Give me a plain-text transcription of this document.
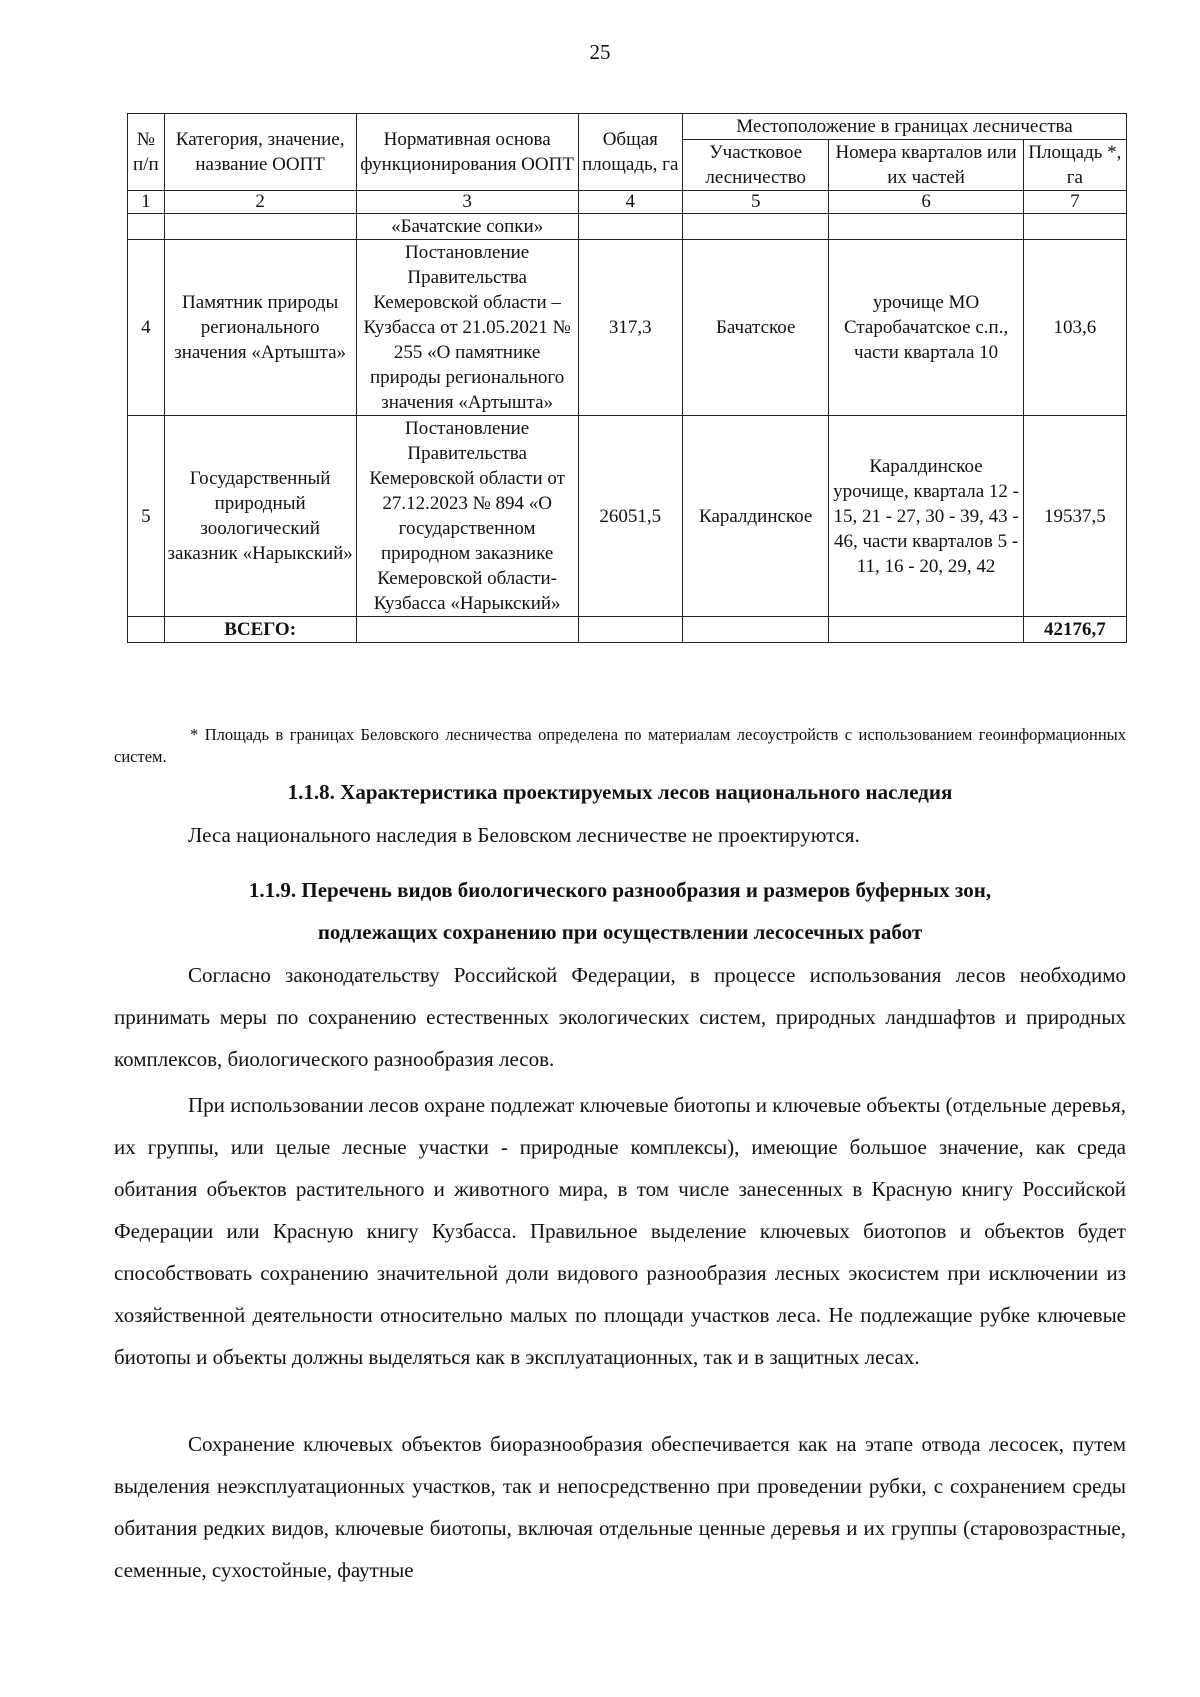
25
№ п/п	Категория, значение, название ООПТ	Нормативная основа функционирования ООПТ	Общая площадь, га	Местоположение в границах лесничества		
				Участковое лесничество	Номера кварталов или их частей	Площадь *, га
1	2	3	4	5	6	7
		«Бачатские сопки»				
4	Памятник природы регионального значения «Артышта»	Постановление Правительства Кемеровской области – Кузбасса от 21.05.2021 № 255 «О памятнике природы регионального значения «Артышта»	317,3	Бачатское	урочище МО Старобачатское с.п., части квартала 10	103,6
5	Государственный природный зоологический заказник «Нарыкский»	Постановление Правительства Кемеровской области от 27.12.2023 № 894 «О государственном природном заказнике Кемеровской области-Кузбасса «Нарыкский»	26051,5	Каралдинское	Каралдинское урочище, квартала 12 - 15, 21 - 27, 30 - 39, 43 - 46, части кварталов 5 - 11, 16 - 20, 29, 42	19537,5
	ВСЕГО:					42176,7
* Площадь в границах Беловского лесничества определена по материалам лесоустройств с использованием геоинформационных систем.
1.1.8. Характеристика проектируемых лесов национального наследия
Леса национального наследия в Беловском лесничестве не проектируются.
1.1.9. Перечень видов биологического разнообразия и размеров буферных зон,
подлежащих сохранению при осуществлении лесосечных работ
Согласно законодательству Российской Федерации, в процессе использования лесов необходимо принимать меры по сохранению естественных экологических систем, природных ландшафтов и природных комплексов, биологического разнообразия лесов.
При использовании лесов охране подлежат ключевые биотопы и ключевые объекты (отдельные деревья, их группы, или целые лесные участки - природные комплексы), имеющие большое значение, как среда обитания объектов растительного и животного мира, в том числе занесенных в Красную книгу Российской Федерации или Красную книгу Кузбасса. Правильное выделение ключевых биотопов и объектов будет способствовать сохранению значительной доли видового разнообразия лесных экосистем при исключении из хозяйственной деятельности относительно малых по площади участков леса. Не подлежащие рубке ключевые биотопы и объекты должны выделяться как в эксплуатационных, так и в защитных лесах.
Сохранение ключевых объектов биоразнообразия обеспечивается как на этапе отвода лесосек, путем выделения неэксплуатационных участков, так и непосредственно при проведении рубки, с сохранением среды обитания редких видов, ключевые биотопы, включая отдельные ценные деревья и их группы (старовозрастные, семенные, сухостойные, фаутные
